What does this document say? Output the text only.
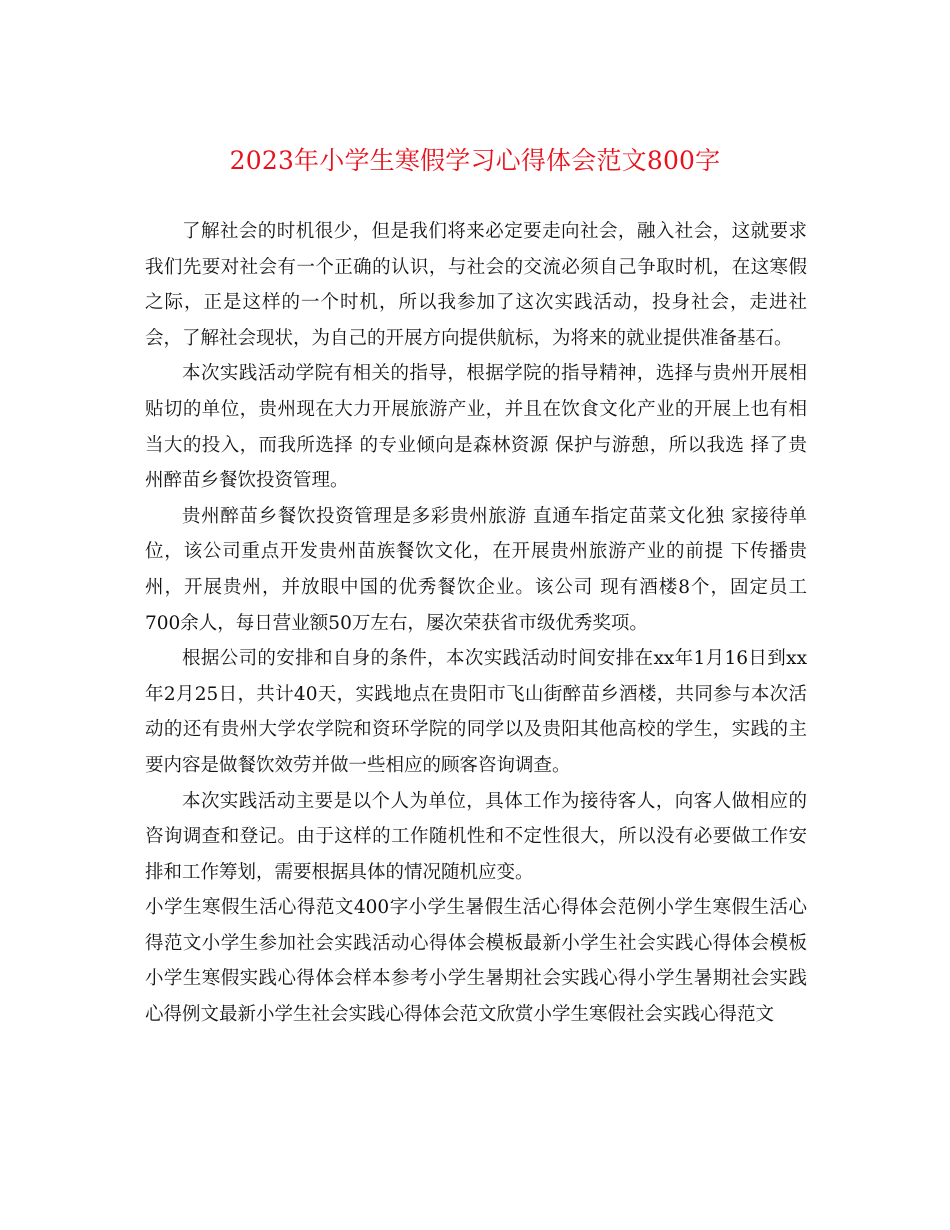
2023年小学生寒假学习心得体会范文800字

了解社会的时机很少，但是我们将来必定要走向社会，融入社会，这就要求我们先要对社会有一个正确的认识，与社会的交流必须自己争取时机，在这寒假之际，正是这样的一个时机，所以我参加了这次实践活动，投身社会，走进社会，了解社会现状，为自己的开展方向提供航标，为将来的就业提供准备基石。

本次实践活动学院有相关的指导，根据学院的指导精神，选择与贵州开展相贴切的单位，贵州现在大力开展旅游产业，并且在饮食文化产业的开展上也有相当大的投入，而我所选择 的专业倾向是森林资源 保护与游憩，所以我选 择了贵州醉苗乡餐饮投资管理。

贵州醉苗乡餐饮投资管理是多彩贵州旅游 直通车指定苗菜文化独 家接待单位，该公司重点开发贵州苗族餐饮文化，在开展贵州旅游产业的前提 下传播贵州，开展贵州，并放眼中国的优秀餐饮企业。该公司 现有酒楼8个，固定员工700余人，每日营业额50万左右，屡次荣获省市级优秀奖项。

根据公司的安排和自身的条件，本次实践活动时间安排在xx年1月16日到xx年2月25日，共计40天，实践地点在贵阳市飞山街醉苗乡酒楼，共同参与本次活动的还有贵州大学农学院和资环学院的同学以及贵阳其他高校的学生，实践的主要内容是做餐饮效劳并做一些相应的顾客咨询调查。

本次实践活动主要是以个人为单位，具体工作为接待客人，向客人做相应的咨询调查和登记。由于这样的工作随机性和不定性很大，所以没有必要做工作安排和工作筹划，需要根据具体的情况随机应变。

小学生寒假生活心得范文400字小学生暑假生活心得体会范例小学生寒假生活心得范文小学生参加社会实践活动心得体会模板最新小学生社会实践心得体会模板小学生寒假实践心得体会样本参考小学生暑期社会实践心得小学生暑期社会实践心得例文最新小学生社会实践心得体会范文欣赏小学生寒假社会实践心得范文
